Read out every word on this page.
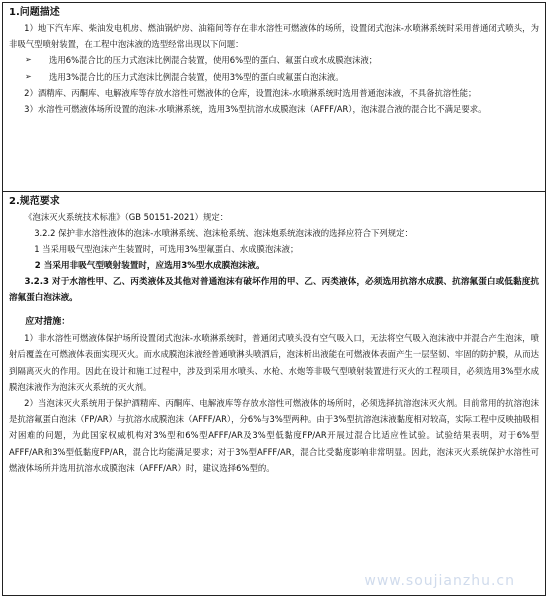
1.问题描述

1）地下汽车库、柴油发电机房、燃油锅炉房、油箱间等存在非水溶性可燃液体的场所，设置闭式泡沫-水喷淋系统时采用普通闭式喷头，为非吸气型喷射装置，在工程中泡沫液的选型经常出现以下问题：

➢ 选用6%混合比的压力式泡沫比例混合装置，使用6%型的蛋白、氟蛋白或水成膜泡沫液；

➢ 选用3%混合比的压力式泡沫比例混合装置，使用3%型的蛋白或氟蛋白泡沫液。

2）酒精库、丙酮库、电解液库等存放水溶性可燃液体的仓库，设置泡沫-水喷淋系统时选用普通泡沫液，不具备抗溶性能；

3）水溶性可燃液体场所设置的泡沫-水喷淋系统，选用3%型抗溶水成膜泡沫（AFFF/AR），泡沫混合液的混合比不满足要求。

2.规范要求

《泡沫灭火系统技术标准》（GB 50151-2021）规定：

3.2.2 保护非水溶性液体的泡沫-水喷淋系统、泡沫枪系统、泡沫炮系统泡沫液的选择应符合下列规定：

1 当采用吸气型泡沫产生装置时，可选用3%型氟蛋白、水成膜泡沫液；

2 当采用非吸气型喷射装置时，应选用3%型水成膜泡沫液。

3.2.3 对于水溶性甲、乙、丙类液体及其他对普通泡沫有破坏作用的甲、乙、丙类液体，必须选用抗溶水成膜、抗溶氟蛋白或低黏度抗溶氟蛋白泡沫液。

应对措施：

1）非水溶性可燃液体保护场所设置闭式泡沫-水喷淋系统时，普通闭式喷头没有空气吸入口，无法将空气吸入泡沫液中并混合产生泡沫，喷射后覆盖在可燃液体表面实现灭火。而水成膜泡沫液经普通喷淋头喷洒后，泡沫析出液能在可燃液体表面产生一层坚韧、牢固的防护膜，从而达到隔离灭火的作用。因此在设计和施工过程中，涉及到采用水喷头、水枪、水炮等非吸气型喷射装置进行灭火的工程项目，必须选用3%型水成膜泡沫液作为泡沫灭火系统的灭火剂。

2）当泡沫灭火系统用于保护酒精库、丙酮库、电解液库等存放水溶性可燃液体的场所时，必须选择抗溶泡沫灭火剂。目前常用的抗溶泡沫是抗溶氟蛋白泡沫（FP/AR）与抗溶水成膜泡沫（AFFF/AR），分6%与3%型两种。由于3%型抗溶泡沫液黏度相对较高，实际工程中反映抽吸相对困难的问题，为此国家权威机构对3%型和6%型AFFF/AR及3%型低黏度FP/AR开展过混合比适应性试验。试验结果表明，对于6%型AFFF/AR和3%型低黏度FP/AR，混合比均能满足要求；对于3%型AFFF/AR，混合比受黏度影响非常明显。因此，泡沫灭火系统保护水溶性可燃液体场所并选用抗溶水成膜泡沫（AFFF/AR）时，建议选择6%型的。

www.soujianzhu.cn
